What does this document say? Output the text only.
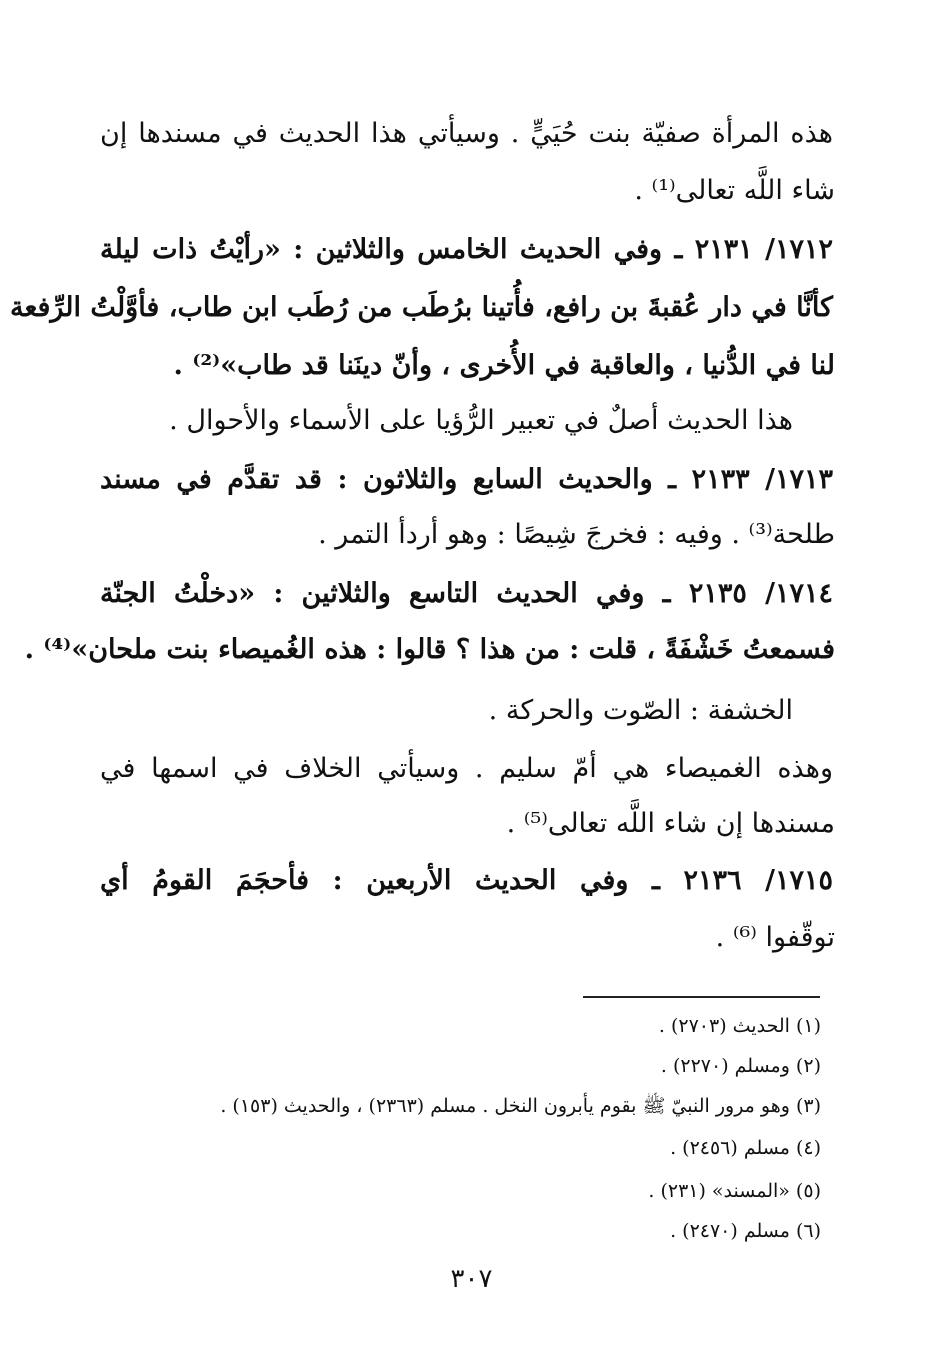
هذه المرأة صفيّة بنت حُيَيٍّ . وسيأتي هذا الحديث في مسندها إن
شاء اللَّه تعالى⁽¹⁾ .
١٧١٢/ ٢١٣١ ـ وفي الحديث الخامس والثلاثين : «رأيْتُ ذات ليلة
كأنَّا في دار عُقبةَ بن رافع، فأُتينا برُطَب من رُطَب ابن طاب، فأوَّلْتُ الرِّفعة
لنا في الدُّنيا ، والعاقبة في الأُخرى ، وأنّ دينَنا قد طاب»⁽²⁾ .
هذا الحديث أصلٌ في تعبير الرُّؤيا على الأسماء والأحوال .
١٧١٣/ ٢١٣٣ ـ والحديث السابع والثلاثون : قد تقدَّم في مسند
طلحة⁽³⁾ . وفيه : فخرجَ شِيصًا : وهو أردأ التمر .
١٧١٤/ ٢١٣٥ ـ وفي الحديث التاسع والثلاثين : «دخلْتُ الجنّة
فسمعتُ خَشْفَةً ، قلت : من هذا ؟ قالوا : هذه الغُميصاء بنت ملحان»⁽⁴⁾ .
الخشفة : الصّوت والحركة .
وهذه الغميصاء هي أمّ سليم . وسيأتي الخلاف في اسمها في
مسندها إن شاء اللَّه تعالى⁽⁵⁾ .
١٧١٥/ ٢١٣٦ ـ وفي الحديث الأربعين : فأحجَمَ القومُ أي
توقّفوا ⁽⁶⁾ .
(١) الحديث (٢٧٠٣) .
(٢) ومسلم (٢٢٧٠) .
(٣) وهو مرور النبيّ ﷺ بقوم يأبرون النخل . مسلم (٢٣٦٣) ، والحديث (١٥٣) .
(٤) مسلم (٢٤٥٦) .
(٥) «المسند» (٢٣١) .
(٦) مسلم (٢٤٧٠) .
٣٠٧
